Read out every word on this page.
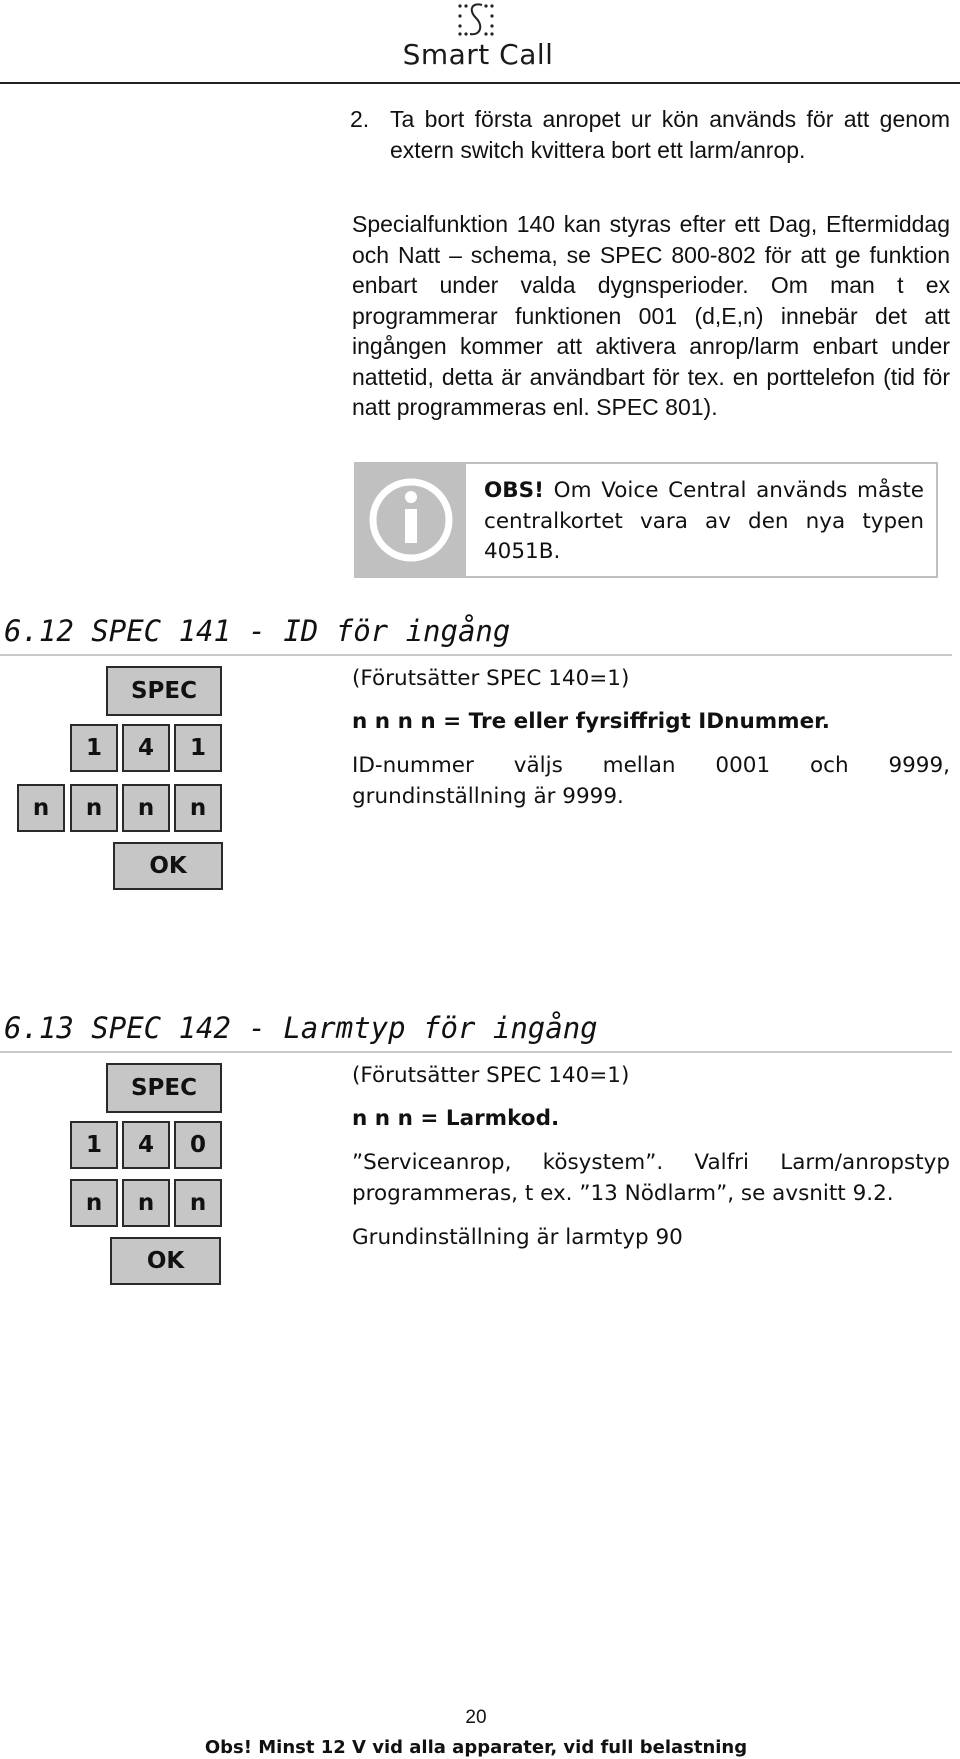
Smart Call
2. Ta bort första anropet ur kön används för att genom extern switch kvittera bort ett larm/anrop.
Specialfunktion 140 kan styras efter ett Dag, Eftermiddag och Natt – schema, se SPEC 800-802 för att ge funktion enbart under valda dygnsperioder. Om man t ex programmerar funktionen 001 (d,E,n) innebär det att ingången kommer att aktivera anrop/larm enbart under nattetid, detta är användbart för tex. en porttelefon (tid för natt programmeras enl. SPEC 801).
OBS! Om Voice Central används måste centralkortet vara av den nya typen 4051B.
6.12 SPEC 141 - ID för ingång
SPEC
1	4	1
n	n	n	n
OK
(Förutsätter SPEC 140=1)
n n n n = Tre eller fyrsiffrigt IDnummer.
ID-nummer väljs mellan 0001 och 9999, grundinställning är 9999.
6.13 SPEC 142 - Larmtyp för ingång
SPEC
1	4	0
n	n	n
OK
(Förutsätter SPEC 140=1)
n n n = Larmkod.
”Serviceanrop, kösystem”. Valfri Larm/anropstyp programmeras, t ex. ”13 Nödlarm”, se avsnitt 9.2.
Grundinställning är larmtyp 90
20
Obs! Minst 12 V vid alla apparater, vid full belastning
